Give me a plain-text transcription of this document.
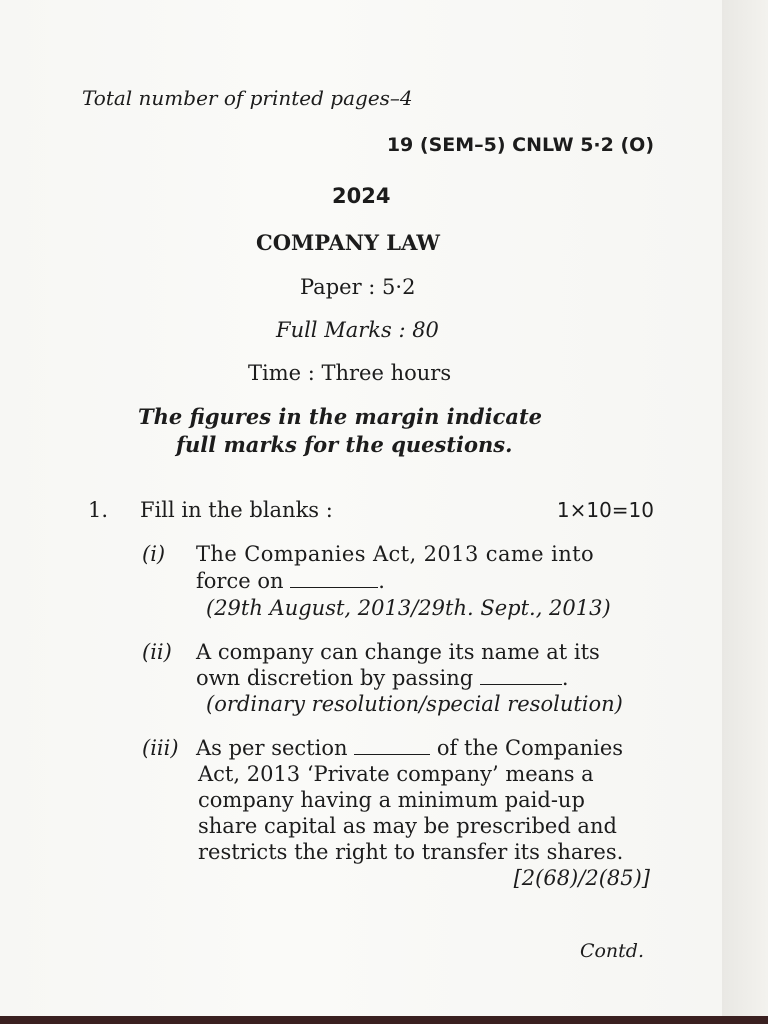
Total number of printed pages–4
19 (SEM–5) CNLW 5·2 (O)
2024
COMPANY LAW
Paper : 5·2
Full Marks : 80
Time : Three hours
The figures in the margin indicate
full marks for the questions.
1. Fill in the blanks :	1×10=10
(i) The Companies Act, 2013 came into
force on	.
(29th August, 2013/29th. Sept., 2013)
(ii) A company can change its name at its
own discretion by passing	.
(ordinary resolution/special resolution)
(iii) As per section	of the Companies
Act, 2013 ‘Private company’ means a
company having a minimum paid-up
share capital as may be prescribed and
restricts the right to transfer its shares.
[2(68)/2(85)]
Contd.
